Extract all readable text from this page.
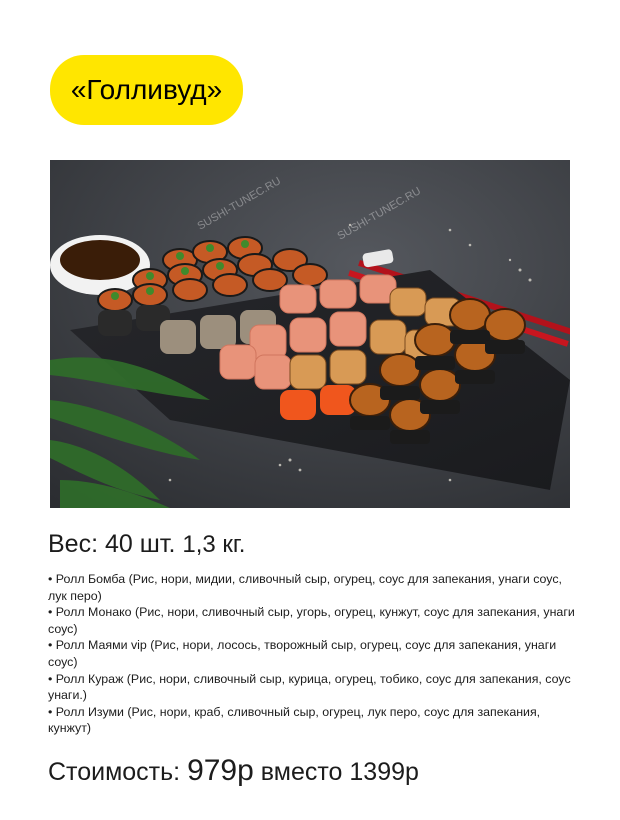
«Голливуд»
SUSHI-TUNEC.RU	SUSHI-TUNEC.RU
Вес: 40 шт. 1,3 кг.
• Ролл Бомба (Рис, нори, мидии, сливочный сыр, огурец, соус для запекания, унаги соус, лук перо)
• Ролл Монако (Рис, нори, сливочный сыр, угорь, огурец, кунжут, соус для запекания, унаги соус)
• Ролл Маями vip (Рис, нори, лосось, творожный сыр, огурец, соус для запекания, унаги соус)
• Ролл Кураж (Рис, нори, сливочный сыр, курица, огурец, тобико, соус для запекания, соус унаги.)
• Ролл Изуми (Рис, нори, краб, сливочный сыр, огурец, лук перо, соус для запекания, кунжут)
Стоимость: 979р вместо 1399р
